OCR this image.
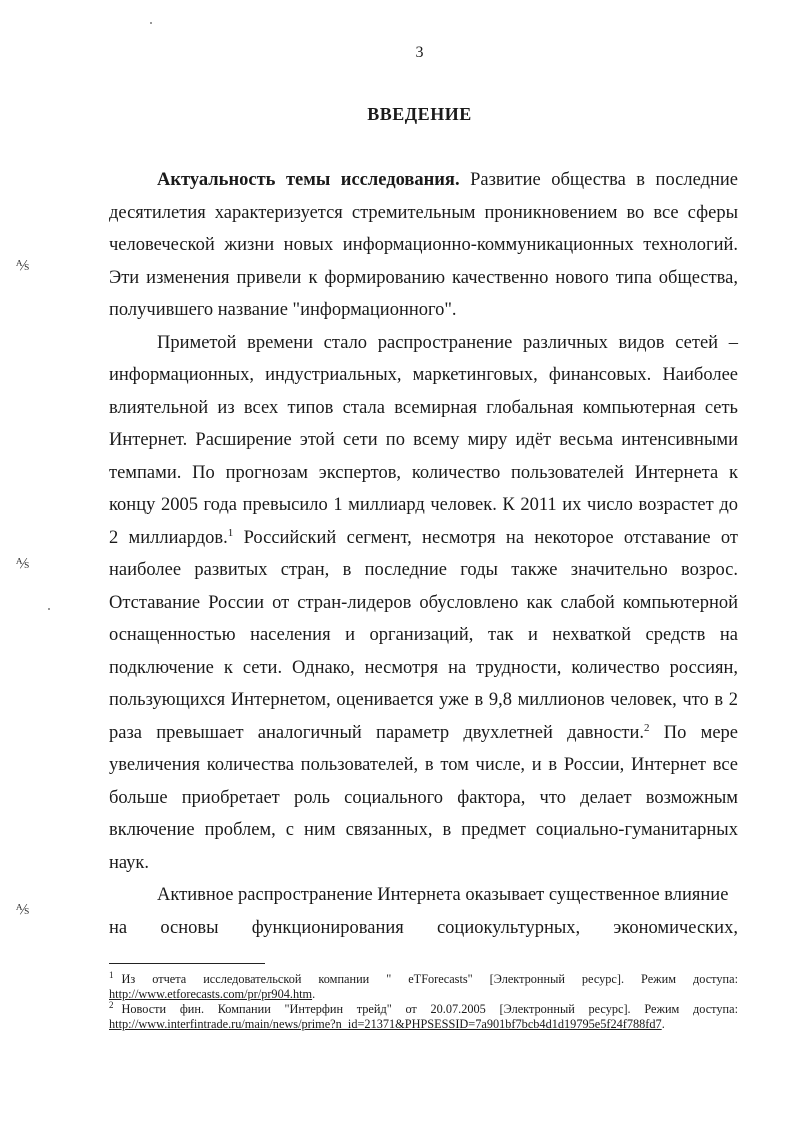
3
ВВЕДЕНИЕ

Актуальность темы исследования. Развитие общества в последние десятилетия характеризуется стремительным проникновением во все сферы человеческой жизни новых информационно-коммуникационных технологий. Эти изменения привели к формированию качественно нового типа общества, получившего название "информационного".

Приметой времени стало распространение различных видов сетей – информационных, индустриальных, маркетинговых, финансовых. Наиболее влиятельной из всех типов стала всемирная глобальная компьютерная сеть Интернет. Расширение этой сети по всему миру идёт весьма интенсивными темпами. По прогнозам экспертов, количество пользователей Интернета к концу 2005 года превысило 1 миллиард человек. К 2011 их число возрастет до 2 миллиардов.$^1$ Российский сегмент, несмотря на некоторое отставание от наиболее развитых стран, в последние годы также значительно возрос. Отставание России от стран-лидеров обусловлено как слабой компьютерной оснащенностью населения и организаций, так и нехваткой средств на подключение к сети. Однако, несмотря на трудности, количество россиян, пользующихся Интернетом, оценивается уже в 9,8 миллионов человек, что в 2 раза превышает аналогичный параметр двухлетней давности.$^2$ По мере увеличения количества пользователей, в том числе, и в России, Интернет все больше приобретает роль социального фактора, что делает возможным включение проблем, с ним связанных, в предмет социально-гуманитарных наук.

Активное распространение Интернета оказывает существенное влияние

на основы функционирования социокультурных, экономических,

$^1$ Из отчета исследовательской компании " eTForecasts" [Электронный ресурс]. Режим доступа: http://www.etforecasts.com/pr/pr904.htm.

$^2$ Новости фин. Компании "Интерфин трейд" от 20.07.2005 [Электронный ресурс]. Режим доступа: http://www.interfintrade.ru/main/news/prime?n_id=21371&PHPSESSID=7a901bf7bcb4d1d19795e5f24f788fd7.

⅍
⅍
⅍
